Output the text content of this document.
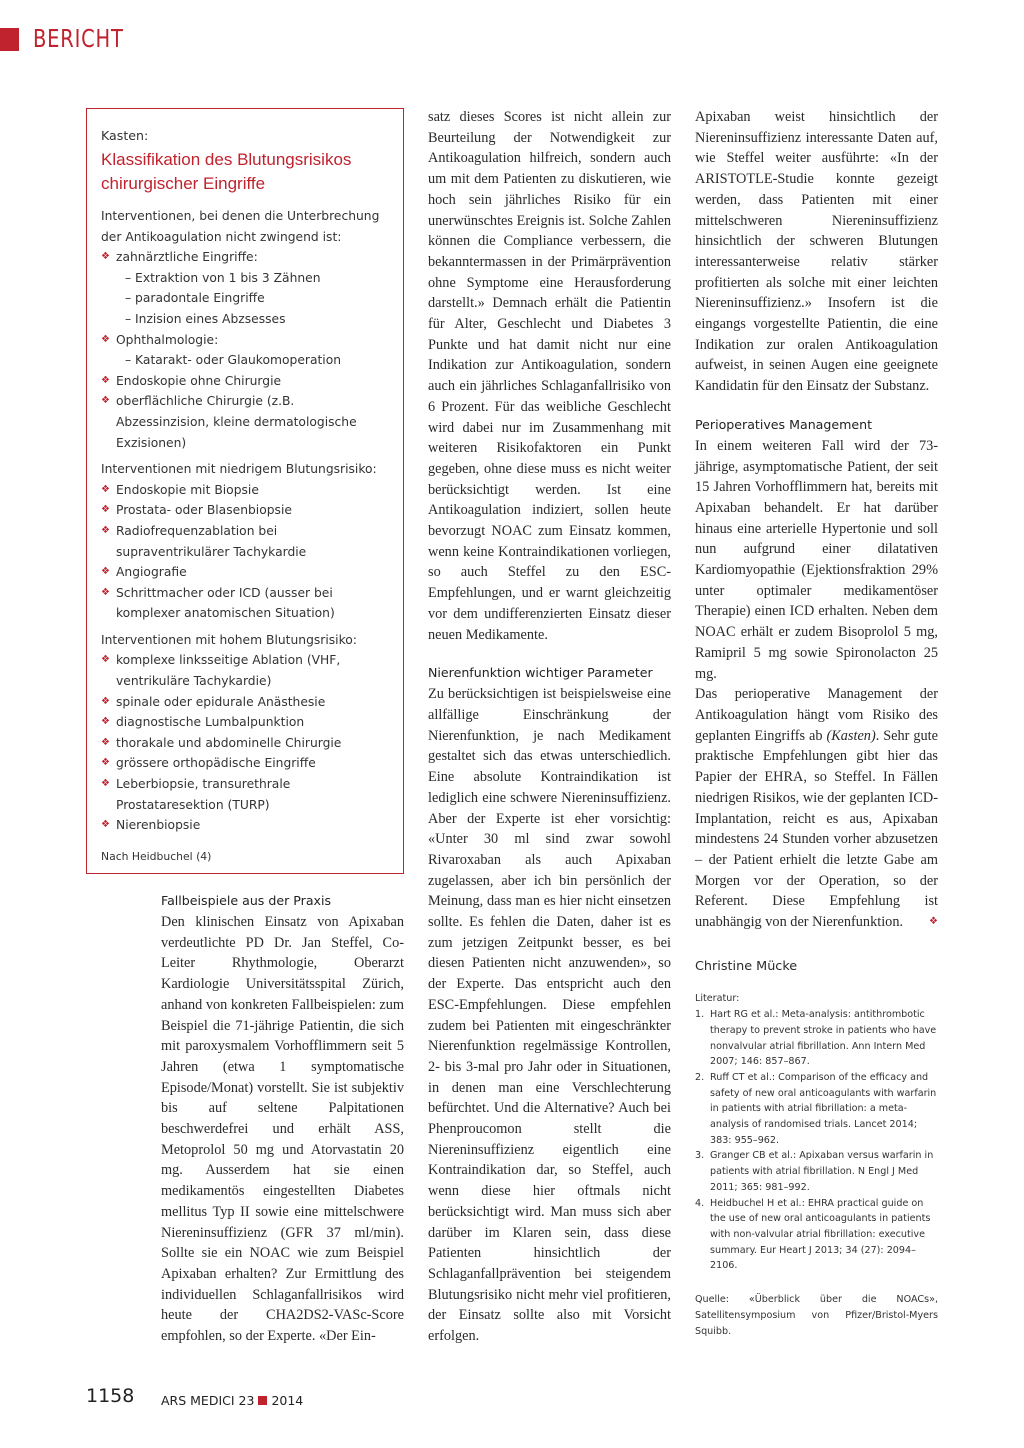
BERICHT
Kasten:
Klassifikation des Blutungsrisikos chirurgischer Eingriffe
Interventionen, bei denen die Unterbrechung der Antikoagulation nicht zwingend ist:
❖ zahnärztliche Eingriffe:
– Extraktion von 1 bis 3 Zähnen
– paradontale Eingriffe
– Inzision eines Abzsesses
❖ Ophthalmologie:
– Katarakt- oder Glaukomoperation
❖ Endoskopie ohne Chirurgie
❖ oberflächliche Chirurgie (z.B. Abzessinzision, kleine dermatologische Exzisionen)
Interventionen mit niedrigem Blutungsrisiko:
❖ Endoskopie mit Biopsie
❖ Prostata- oder Blasenbiopsie
❖ Radiofrequenzablation bei supraventrikulärer Tachykardie
❖ Angiografie
❖ Schrittmacher oder ICD (ausser bei komplexer anatomischen Situation)
Interventionen mit hohem Blutungsrisiko:
❖ komplexe linksseitige Ablation (VHF, ventrikuläre Tachykardie)
❖ spinale oder epidurale Anästhesie
❖ diagnostische Lumbalpunktion
❖ thorakale und abdominelle Chirurgie
❖ grössere orthopädische Eingriffe
❖ Leberbiopsie, transurethrale Prostataresektion (TURP)
❖ Nierenbiopsie
Nach Heidbuchel (4)
Fallbeispiele aus der Praxis

Den klinischen Einsatz von Apixaban verdeutlichte PD Dr. Jan Steffel, Co-Leiter Rhythmologie, Oberarzt Kardiologie Universitätsspital Zürich, anhand von konkreten Fallbeispielen: zum Beispiel die 71-jährige Patientin, die sich mit paroxysmalem Vorhofflimmern seit 5 Jahren (etwa 1 symptomatische Episode/Monat) vorstellt. Sie ist subjektiv bis auf seltene Palpitationen beschwerdefrei und erhält ASS, Metoprolol 50 mg und Atorvastatin 20 mg. Ausserdem hat sie einen medikamentös eingestellten Diabetes mellitus Typ II sowie eine mittelschwere Niereninsuffizienz (GFR 37 ml/min). Sollte sie ein NOAC wie zum Beispiel Apixaban erhalten? Zur Ermittlung des individuellen Schlaganfallrisikos wird heute der CHA2DS2-VASc-Score empfohlen, so der Experte. «Der Ein-

satz dieses Scores ist nicht allein zur Beurteilung der Notwendigkeit zur Antikoagulation hilfreich, sondern auch um mit dem Patienten zu diskutieren, wie hoch sein jährliches Risiko für ein unerwünschtes Ereignis ist. Solche Zahlen können die Compliance verbessern, die bekanntermassen in der Primärprävention ohne Symptome eine Herausforderung darstellt.» Demnach erhält die Patientin für Alter, Geschlecht und Diabetes 3 Punkte und hat damit nicht nur eine Indikation zur Antikoagulation, sondern auch ein jährliches Schlaganfallrisiko von 6 Prozent. Für das weibliche Geschlecht wird dabei nur im Zusammenhang mit weiteren Risikofaktoren ein Punkt gegeben, ohne diese muss es nicht weiter berücksichtigt werden. Ist eine Antikoagulation indiziert, sollen heute bevorzugt NOAC zum Einsatz kommen, wenn keine Kontraindikationen vorliegen, so auch Steffel zu den ESC-Empfehlungen, und er warnt gleichzeitig vor dem undifferenzierten Einsatz dieser neuen Medikamente.

Nierenfunktion wichtiger Parameter

Zu berücksichtigen ist beispielsweise eine allfällige Einschränkung der Nierenfunktion, je nach Medikament gestaltet sich das etwas unterschiedlich. Eine absolute Kontraindikation ist lediglich eine schwere Niereninsuffizienz. Aber der Experte ist eher vorsichtig: «Unter 30 ml sind zwar sowohl Rivaroxaban als auch Apixaban zugelassen, aber ich bin persönlich der Meinung, dass man es hier nicht einsetzen sollte. Es fehlen die Daten, daher ist es zum jetzigen Zeitpunkt besser, es bei diesen Patienten nicht anzuwenden», so der Experte. Das entspricht auch den ESC-Empfehlungen. Diese empfehlen zudem bei Patienten mit eingeschränkter Nierenfunktion regelmässige Kontrollen, 2- bis 3-mal pro Jahr oder in Situationen, in denen man eine Verschlechterung befürchtet. Und die Alternative? Auch bei Phenproucomon stellt die Niereninsuffizienz eigentlich eine Kontraindikation dar, so Steffel, auch wenn diese hier oftmals nicht berücksichtigt wird. Man muss sich aber darüber im Klaren sein, dass diese Patienten hinsichtlich der Schlaganfallprävention bei steigendem Blutungsrisiko nicht mehr viel profitieren, der Einsatz sollte also mit Vorsicht erfolgen.

Apixaban weist hinsichtlich der Niereninsuffizienz interessante Daten auf, wie Steffel weiter ausführte: «In der ARISTOTLE-Studie konnte gezeigt werden, dass Patienten mit einer mittelschweren Niereninsuffizienz hinsichtlich der schweren Blutungen interessanterweise relativ stärker profitierten als solche mit einer leichten Niereninsuffizienz.» Insofern ist die eingangs vorgestellte Patientin, die eine Indikation zur oralen Antikoagulation aufweist, in seinen Augen eine geeignete Kandidatin für den Einsatz der Substanz.

Perioperatives Management

In einem weiteren Fall wird der 73-jährige, asymptomatische Patient, der seit 15 Jahren Vorhofflimmern hat, bereits mit Apixaban behandelt. Er hat darüber hinaus eine arterielle Hypertonie und soll nun aufgrund einer dilatativen Kardiomyopathie (Ejektionsfraktion 29% unter optimaler medikamentöser Therapie) einen ICD erhalten. Neben dem NOAC erhält er zudem Bisoprolol 5 mg, Ramipril 5 mg sowie Spironolacton 25 mg.

Das perioperative Management der Antikoagulation hängt vom Risiko des geplanten Eingriffs ab (Kasten). Sehr gute praktische Empfehlungen gibt hier das Papier der EHRA, so Steffel. In Fällen niedrigen Risikos, wie der geplanten ICD-Implantation, reicht es aus, Apixaban mindestens 24 Stunden vorher abzusetzen – der Patient erhielt die letzte Gabe am Morgen vor der Operation, so der Referent. Diese Empfehlung ist unabhängig von der Nierenfunktion.	❖

Christine Mücke
Literatur:
1. Hart RG et al.: Meta-analysis: antithrombotic therapy to prevent stroke in patients who have nonvalvular atrial fibrillation. Ann Intern Med 2007; 146: 857–867.
2. Ruff CT et al.: Comparison of the efficacy and safety of new oral anticoagulants with warfarin in patients with atrial fibrillation: a meta-analysis of randomised trials. Lancet 2014; 383: 955–962.
3. Granger CB et al.: Apixaban versus warfarin in patients with atrial fibrillation. N Engl J Med 2011; 365: 981–992.
4. Heidbuchel H et al.: EHRA practical guide on the use of new oral anticoagulants in patients with non-valvular atrial fibrillation: executive summary. Eur Heart J 2013; 34 (27): 2094–2106.
Quelle: «Überblick über die NOACs», Satellitensymposium von Pfizer/Bristol-Myers Squibb.
1158 ARS MEDICI 23 2014
